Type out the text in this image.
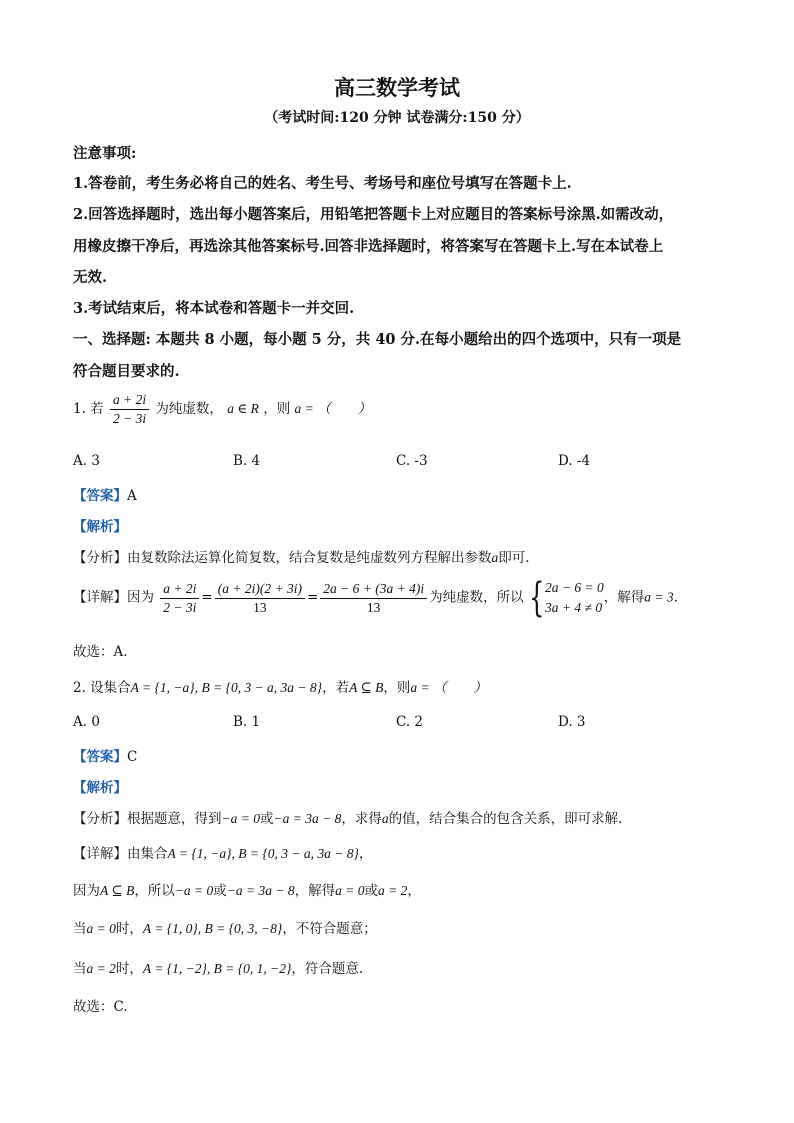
高三数学考试
（考试时间:120 分钟 试卷满分:150 分）
注意事项:
1.答卷前，考生务必将自己的姓名、考生号、考场号和座位号填写在答题卡上.
2.回答选择题时，选出每小题答案后，用铅笔把答题卡上对应题目的答案标号涂黑.如需改动，
用橡皮擦干净后，再选涂其他答案标号.回答非选择题时，将答案写在答题卡上.写在本试卷上
无效.
3.考试结束后，将本试卷和答题卡一并交回.
一、选择题: 本题共 8 小题，每小题 5 分，共 40 分.在每小题给出的四个选项中，只有一项是
符合题目要求的.
1. 若 $\frac{a + 2i}{2 - 3i}$ 为纯虚数， a ∈ R ，则 a = （　　）
A. 3	B. 4	C. -3	D. -4
【答案】A
【解析】
【分析】由复数除法运算化简复数，结合复数是纯虚数列方程解出参数a即可.
【详解】因为 $\frac{a + 2i}{2 - 3i} = \frac{(a + 2i)(2 + 3i)}{13} = \frac{2a - 6 + (3a + 4)i}{13}$ 为纯虚数，所以 { 2a − 6 = 0
3a + 4 ≠ 0
，解得a = 3.
故选：A.
2. 设集合A = {1, −a}, B = {0, 3 − a, 3a − 8}，若A ⊆ B，则a = （　　）
A. 0	B. 1	C. 2	D. 3
【答案】C
【解析】
【分析】根据题意，得到−a = 0或−a = 3a − 8，求得a的值，结合集合的包含关系，即可求解.
【详解】由集合A = {1, −a}, B = {0, 3 − a, 3a − 8}，
因为A ⊆ B，所以−a = 0或−a = 3a − 8，解得a = 0或a = 2，
当a = 0时，A = {1, 0}, B = {0, 3, −8}，不符合题意；
当a = 2时，A = {1, −2}, B = {0, 1, −2}，符合题意.
故选：C.
